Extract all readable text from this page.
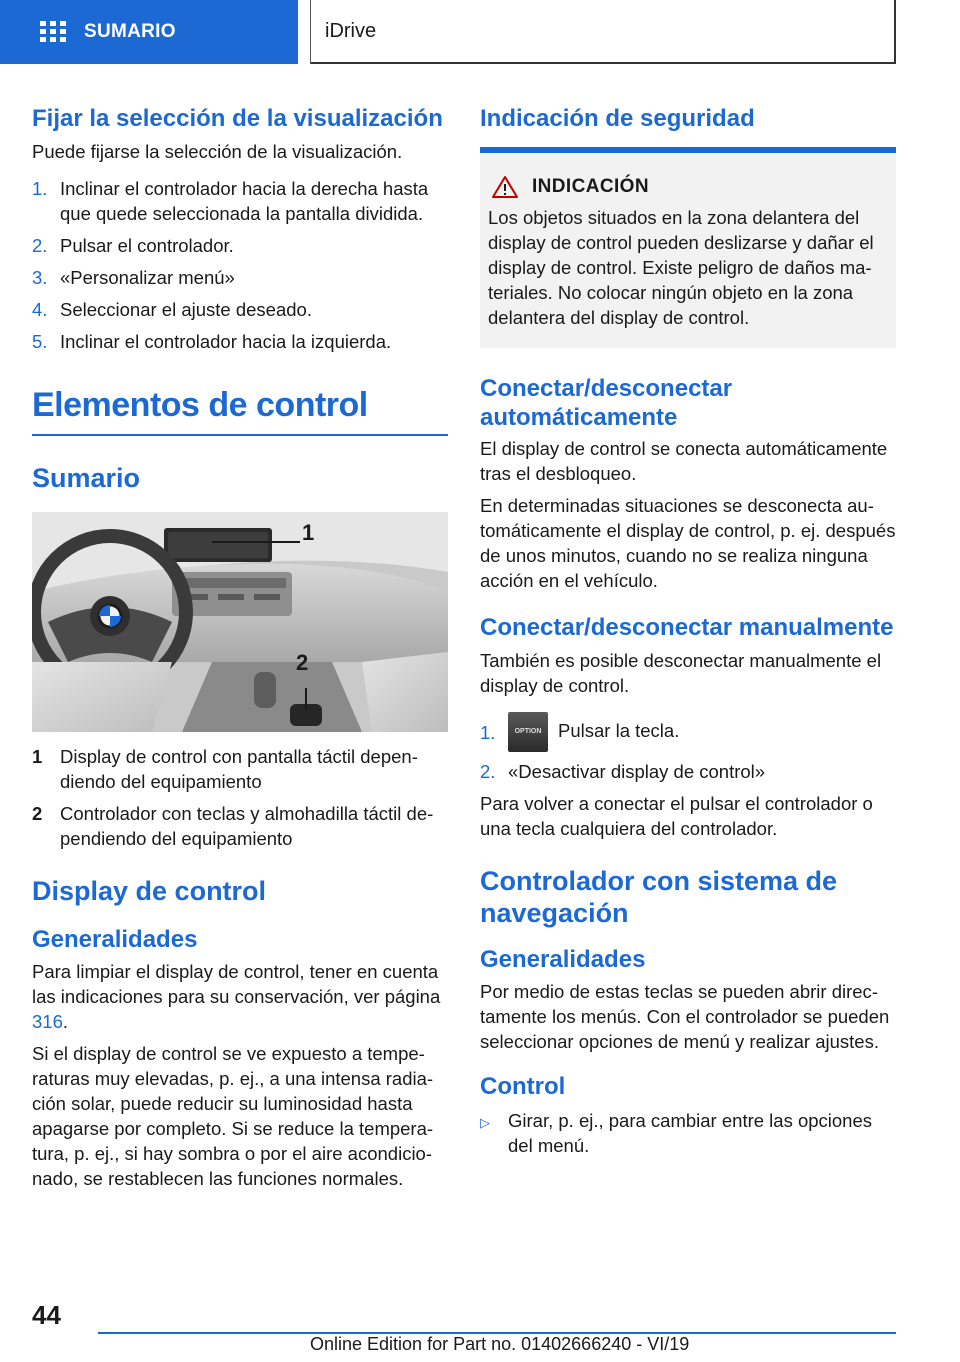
SUMARIO	iDrive
Fijar la selección de la visualización

Puede fijarse la selección de la visualización.

1. Inclinar el controlador hacia la derecha hasta que quede seleccionada la pantalla dividida.
2. Pulsar el controlador.
3. «Personalizar menú»
4. Seleccionar el ajuste deseado.
5. Inclinar el controlador hacia la izquierda.
Elementos de control
Sumario
1
2
1 Display de control con pantalla táctil dependiendo del equipamiento
2 Controlador con teclas y almohadilla táctil dependiendo del equipamiento
Display de control
Generalidades

Para limpiar el display de control, tener en cuenta las indicaciones para su conservación, ver página 316.

Si el display de control se ve expuesto a temperaturas muy elevadas, p. ej., a una intensa radiación solar, puede reducir su luminosidad hasta apagarse por completo. Si se reduce la temperatura, p. ej., si hay sombra o por el aire acondicionado, se restablecen las funciones normales.

Indicación de seguridad
INDICACIÓN

Los objetos situados en la zona delantera del display de control pueden deslizarse y dañar el display de control. Existe peligro de daños materiales. No colocar ningún objeto en la zona delantera del display de control.

Conectar/desconectar automáticamente

El display de control se conecta automáticamente tras el desbloqueo.

En determinadas situaciones se desconecta automáticamente el display de control, p. ej. después de unos minutos, cuando no se realiza ninguna acción en el vehículo.

Conectar/desconectar manualmente

También es posible desconectar manualmente el display de control.

1.	OPTION Pulsar la tecla.
2. «Desactivar display de control»

Para volver a conectar el pulsar el controlador o una tecla cualquiera del controlador.

Controlador con sistema de navegación
Generalidades

Por medio de estas teclas se pueden abrir directamente los menús. Con el controlador se pueden seleccionar opciones de menú y realizar ajustes.

Control
▷ Girar, p. ej., para cambiar entre las opciones del menú.
44
Online Edition for Part no. 01402666240 - VI/19
